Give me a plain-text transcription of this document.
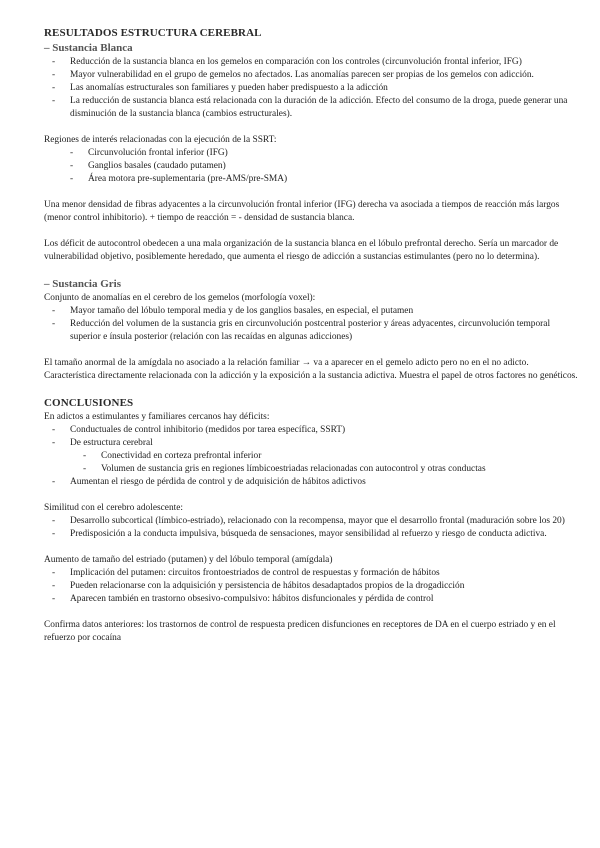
RESULTADOS ESTRUCTURA CEREBRAL
– Sustancia Blanca
- Reducción de la sustancia blanca en los gemelos en comparación con los controles (circunvolución frontal inferior, IFG)
- Mayor vulnerabilidad en el grupo de gemelos no afectados. Las anomalías parecen ser propias de los gemelos con adicción.
- Las anomalías estructurales son familiares y pueden haber predispuesto a la adicción
- La reducción de sustancia blanca está relacionada con la duración de la adicción. Efecto del consumo de la droga, puede generar una disminución de la sustancia blanca (cambios estructurales).

Regiones de interés relacionadas con la ejecución de la SSRT:

- Circunvolución frontal inferior (IFG)
- Ganglios basales (caudado putamen)
- Área motora pre-suplementaria (pre-AMS/pre-SMA)

Una menor densidad de fibras adyacentes a la circunvolución frontal inferior (IFG) derecha va asociada a tiempos de reacción más largos (menor control inhibitorio). + tiempo de reacción = - densidad de sustancia blanca.

Los déficit de autocontrol obedecen a una mala organización de la sustancia blanca en el lóbulo prefrontal derecho. Sería un marcador de vulnerabilidad objetivo, posiblemente heredado, que aumenta el riesgo de adicción a sustancias estimulantes (pero no lo determina).

– Sustancia Gris

Conjunto de anomalías en el cerebro de los gemelos (morfología voxel):

- Mayor tamaño del lóbulo temporal media y de los ganglios basales, en especial, el putamen
- Reducción del volumen de la sustancia gris en circunvolución postcentral posterior y áreas adyacentes, circunvolución temporal superior e ínsula posterior (relación con las recaídas en algunas adicciones)

El tamaño anormal de la amígdala no asociado a la relación familiar → va a aparecer en el gemelo adicto pero no en el no adicto. Característica directamente relacionada con la adicción y la exposición a la sustancia adictiva. Muestra el papel de otros factores no genéticos.

CONCLUSIONES

En adictos a estimulantes y familiares cercanos hay déficits:

- Conductuales de control inhibitorio (medidos por tarea específica, SSRT)
- De estructura cerebral
- Conectividad en corteza prefrontal inferior
- Volumen de sustancia gris en regiones límbicoestriadas relacionadas con autocontrol y otras conductas
- Aumentan el riesgo de pérdida de control y de adquisición de hábitos adictivos

Similitud con el cerebro adolescente:

- Desarrollo subcortical (límbico-estriado), relacionado con la recompensa, mayor que el desarrollo frontal (maduración sobre los 20)
- Predisposición a la conducta impulsiva, búsqueda de sensaciones, mayor sensibilidad al refuerzo y riesgo de conducta adictiva.

Aumento de tamaño del estriado (putamen) y del lóbulo temporal (amígdala)

- Implicación del putamen: circuitos frontoestriados de control de respuestas y formación de hábitos
- Pueden relacionarse con la adquisición y persistencia de hábitos desadaptados propios de la drogadicción
- Aparecen también en trastorno obsesivo-compulsivo: hábitos disfuncionales y pérdida de control

Confirma datos anteriores: los trastornos de control de respuesta predicen disfunciones en receptores de DA en el cuerpo estriado y en el refuerzo por cocaína
